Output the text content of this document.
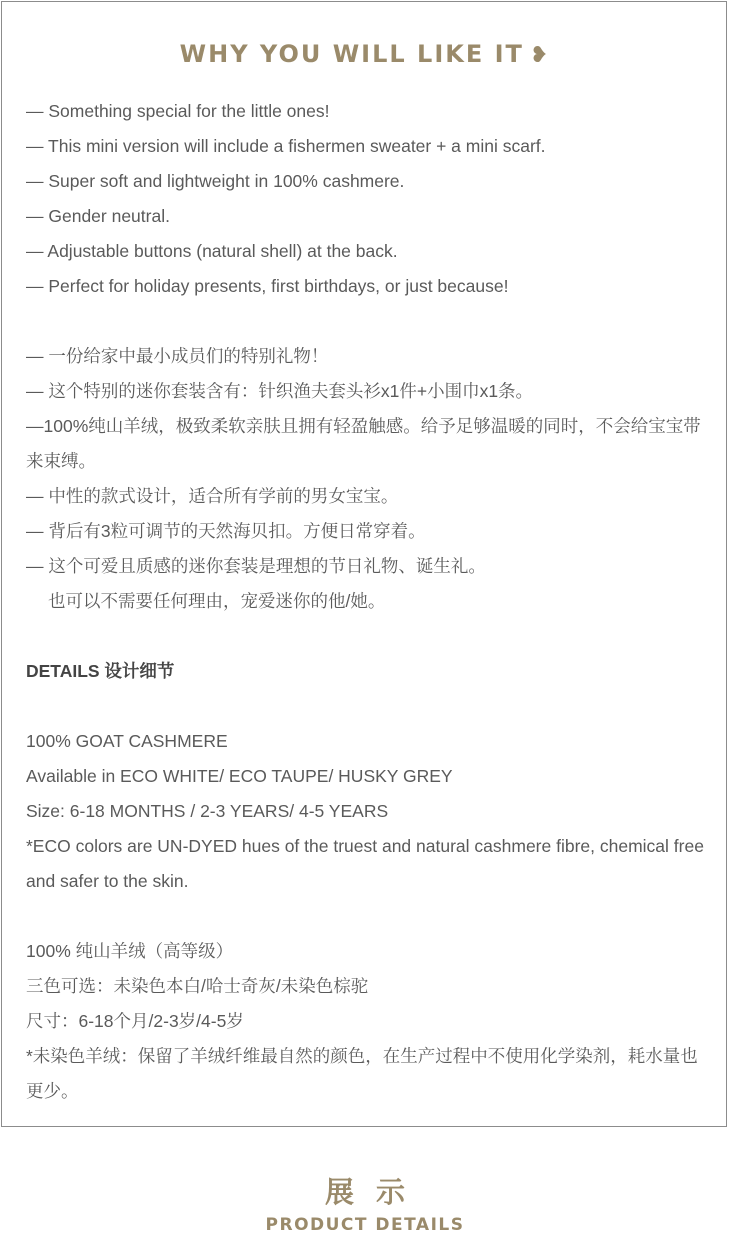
WHY YOU WILL LIKE IT ❥
— Something special for the little ones!
— This mini version will include a fishermen sweater + a mini scarf.
— Super soft and lightweight in 100% cashmere.
— Gender neutral.
— Adjustable buttons (natural shell) at the back.
— Perfect for holiday presents, first birthdays, or just because!
— 一份给家中最小成员们的特别礼物！
— 这个特别的迷你套装含有：针织渔夫套头衫x1件+小围巾x1条。
—100%纯山羊绒，极致柔软亲肤且拥有轻盈触感。给予足够温暖的同时，不会给宝宝带来束缚。
— 中性的款式设计，适合所有学前的男女宝宝。
— 背后有3粒可调节的天然海贝扣。方便日常穿着。
— 这个可爱且质感的迷你套装是理想的节日礼物、诞生礼。
也可以不需要任何理由，宠爱迷你的他/她。
DETAILS 设计细节
100% GOAT CASHMERE
Available in ECO WHITE/ ECO TAUPE/ HUSKY GREY
Size: 6-18 MONTHS / 2-3 YEARS/ 4-5 YEARS
*ECO colors are UN-DYED hues of the truest and natural cashmere fibre, chemical free and safer to the skin.
100% 纯山羊绒（高等级）
三色可选：未染色本白/哈士奇灰/未染色棕驼
尺寸：6-18个月/2-3岁/4-5岁
*未染色羊绒：保留了羊绒纤维最自然的颜色，在生产过程中不使用化学染剂，耗水量也更少。
展示
PRODUCT DETAILS
